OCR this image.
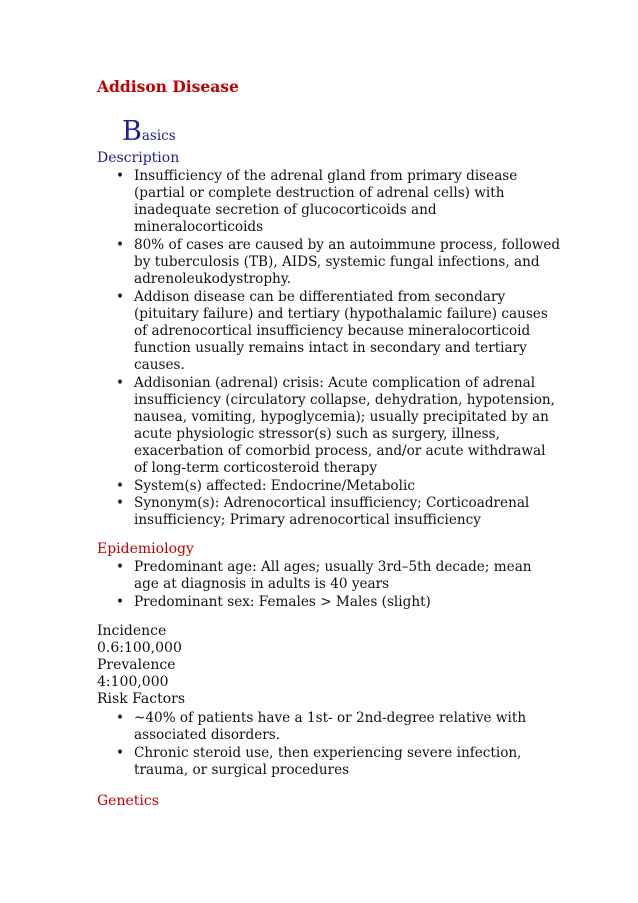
Addison Disease
Basics
Description
• Insufficiency of the adrenal gland from primary disease
(partial or complete destruction of adrenal cells) with
inadequate secretion of glucocorticoids and
mineralocorticoids
• 80% of cases are caused by an autoimmune process, followed
by tuberculosis (TB), AIDS, systemic fungal infections, and
adrenoleukodystrophy.
• Addison disease can be differentiated from secondary
(pituitary failure) and tertiary (hypothalamic failure) causes
of adrenocortical insufficiency because mineralocorticoid
function usually remains intact in secondary and tertiary
causes.
• Addisonian (adrenal) crisis: Acute complication of adrenal
insufficiency (circulatory collapse, dehydration, hypotension,
nausea, vomiting, hypoglycemia); usually precipitated by an
acute physiologic stressor(s) such as surgery, illness,
exacerbation of comorbid process, and/or acute withdrawal
of long-term corticosteroid therapy
• System(s) affected: Endocrine/Metabolic
• Synonym(s): Adrenocortical insufficiency; Corticoadrenal
insufficiency; Primary adrenocortical insufficiency
Epidemiology
• Predominant age: All ages; usually 3rd–5th decade; mean
age at diagnosis in adults is 40 years
• Predominant sex: Females > Males (slight)
Incidence
0.6:100,000
Prevalence
4:100,000
Risk Factors
• ~40% of patients have a 1st- or 2nd-degree relative with
associated disorders.
• Chronic steroid use, then experiencing severe infection,
trauma, or surgical procedures
Genetics
